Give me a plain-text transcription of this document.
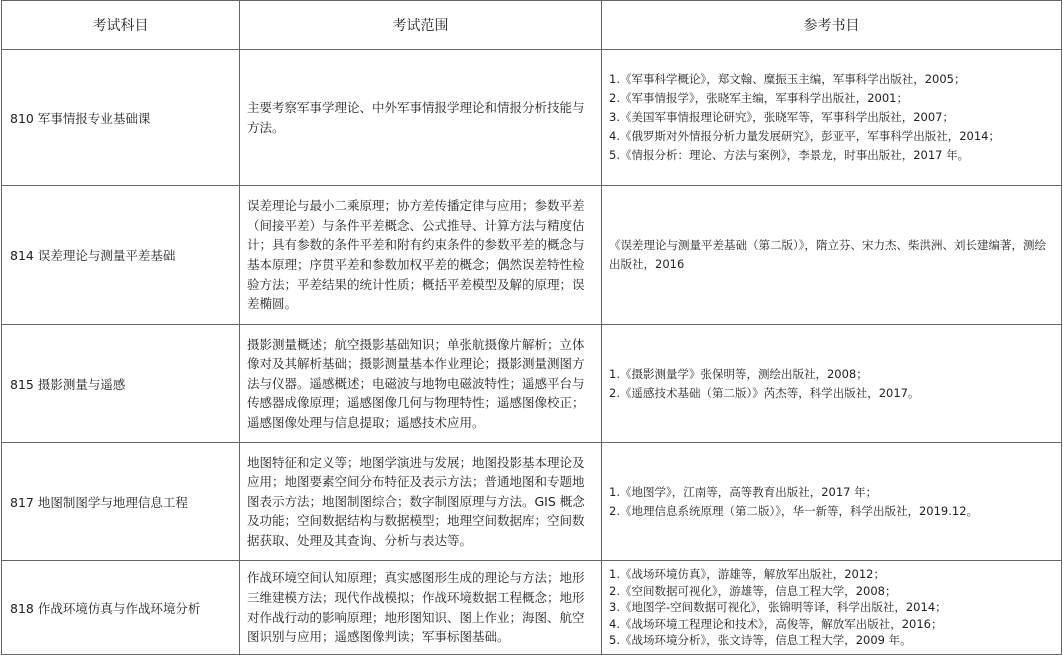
考试科目	考试范围	参考书目
810 军事情报专业基础课	主要考察军事学理论、中外军事情报学理论和情报分析技能与方法。	1.《军事科学概论》，郑文翰、糜振玉主编，军事科学出版社，2005；
2.《军事情报学》，张晓军主编，军事科学出版社，2001；
3.《美国军事情报理论研究》，张晓军等，军事科学出版社，2007；
4.《俄罗斯对外情报分析力量发展研究》，彭亚平，军事科学出版社，2014；
5.《情报分析：理论、方法与案例》，李景龙，时事出版社，2017 年。

814 误差理论与测量平差基础	误差理论与最小二乘原理；协方差传播定律与应用；参数平差（间接平差）与条件平差概念、公式推导、计算方法与精度估计；具有参数的条件平差和附有约束条件的参数平差的概念与基本原理；序贯平差和参数加权平差的概念；偶然误差特性检验方法；平差结果的统计性质；概括平差模型及解的原理；误差椭圆。	《误差理论与测量平差基础（第二版）》，隋立芬、宋力杰、柴洪洲、刘长建编著，测绘出版社，2016

815 摄影测量与遥感	摄影测量概述；航空摄影基础知识；单张航摄像片解析；立体像对及其解析基础；摄影测量基本作业理论；摄影测量测图方法与仪器。遥感概述；电磁波与地物电磁波特性；遥感平台与传感器成像原理；遥感图像几何与物理特性；遥感图像校正；遥感图像处理与信息提取；遥感技术应用。	1.《摄影测量学》张保明等，测绘出版社，2008；
2.《遥感技术基础（第二版）》芮杰等，科学出版社，2017。

817 地图制图学与地理信息工程	地图特征和定义等；地图学演进与发展；地图投影基本理论及应用；地图要素空间分布特征及表示方法；普通地图和专题地图表示方法；地图制图综合；数字制图原理与方法。GIS 概念及功能；空间数据结构与数据模型；地理空间数据库；空间数据获取、处理及其查询、分析与表达等。	1.《地图学》，江南等，高等教育出版社，2017 年；
2.《地理信息系统原理（第二版）》，华一新等，科学出版社，2019.12。

818 作战环境仿真与作战环境分析	作战环境空间认知原理；真实感图形生成的理论与方法；地形三维建模方法；现代作战模拟；作战环境数据工程概念；地形对作战行动的影响原理；地形图知识、图上作业；海图、航空图识别与应用；遥感图像判读；军事标图基础。	1.《战场环境仿真》，游雄等，解放军出版社，2012；
2.《空间数据可视化》，游雄等，信息工程大学，2008；
3.《地图学-空间数据可视化》，张锦明等译，科学出版社，2014；
4.《战场环境工程理论和技术》，高俊等，解放军出版社，2016；
5.《战场环境分析》，张文诗等，信息工程大学，2009 年。
